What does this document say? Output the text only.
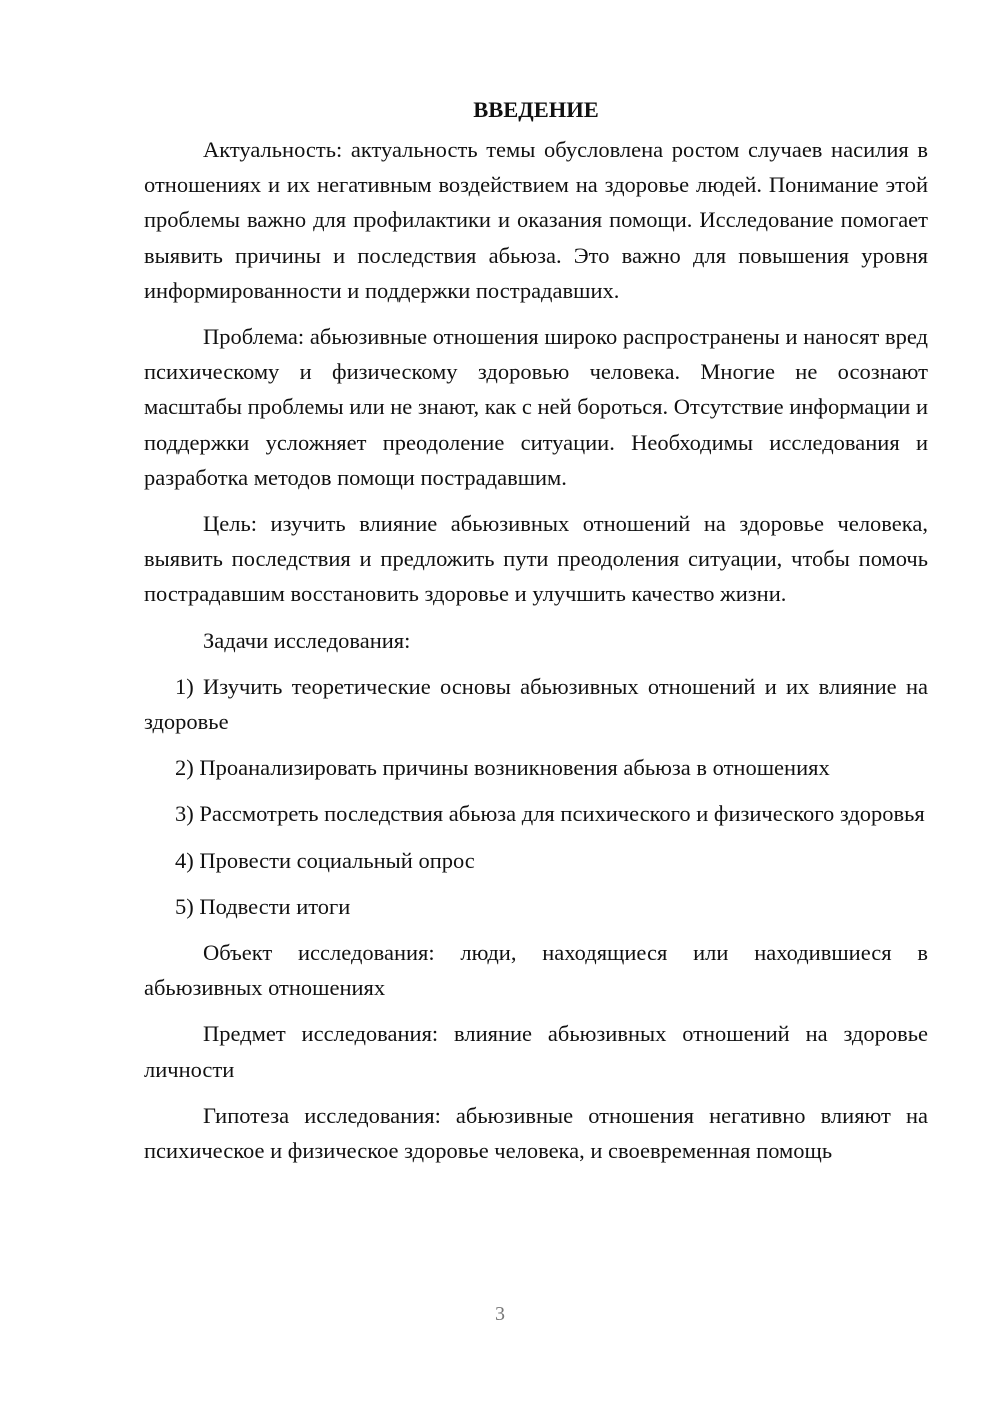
ВВЕДЕНИЕ

Актуальность: актуальность темы обусловлена ростом случаев насилия в отношениях и их негативным воздействием на здоровье людей. Понимание этой проблемы важно для профилактики и оказания помощи. Исследование помогает выявить причины и последствия абьюза. Это важно для повышения уровня информированности и поддержки пострадавших.

Проблема: абьюзивные отношения широко распространены и наносят вред психическому и физическому здоровью человека. Многие не осознают масштабы проблемы или не знают, как с ней бороться. Отсутствие информации и поддержки усложняет преодоление ситуации. Необходимы исследования и разработка методов помощи пострадавшим.

Цель: изучить влияние абьюзивных отношений на здоровье человека, выявить последствия и предложить пути преодоления ситуации, чтобы помочь пострадавшим восстановить здоровье и улучшить качество жизни.

Задачи исследования:

1) Изучить теоретические основы абьюзивных отношений и их влияние на здоровье

2) Проанализировать причины возникновения абьюза в отношениях

3) Рассмотреть последствия абьюза для психического и физического здоровья

4) Провести социальный опрос

5) Подвести итоги

Объект исследования: люди, находящиеся или находившиеся в абьюзивных отношениях

Предмет исследования: влияние абьюзивных отношений на здоровье личности

Гипотеза исследования: абьюзивные отношения негативно влияют на психическое и физическое здоровье человека, и своевременная помощь

3
